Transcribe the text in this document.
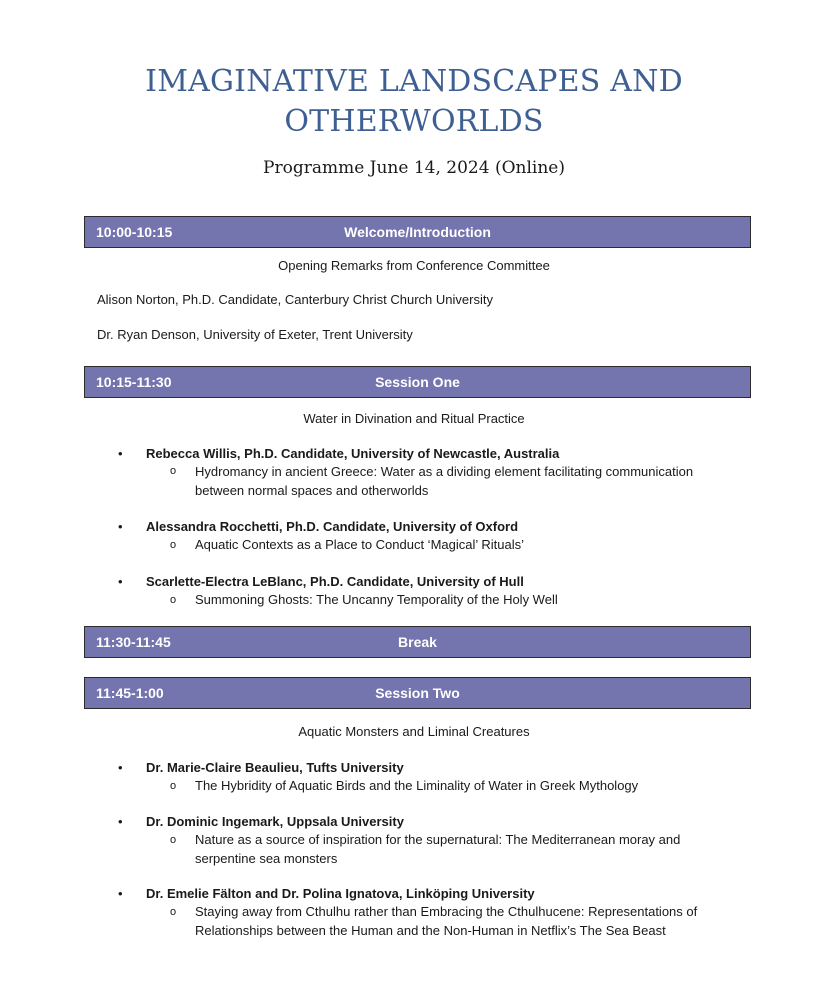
IMAGINATIVE LANDSCAPES AND
OTHERWORLDS
Programme June 14, 2024 (Online)
10:00-10:15	Welcome/Introduction
Opening Remarks from Conference Committee
Alison Norton, Ph.D. Candidate, Canterbury Christ Church University
Dr. Ryan Denson, University of Exeter, Trent University
10:15-11:30	Session One
Water in Divination and Ritual Practice
• Rebecca Willis, Ph.D. Candidate, University of Newcastle, Australia
o Hydromancy in ancient Greece: Water as a dividing element facilitating communication between normal spaces and otherworlds
• Alessandra Rocchetti, Ph.D. Candidate, University of Oxford
o Aquatic Contexts as a Place to Conduct ‘Magical’ Rituals’
• Scarlette-Electra LeBlanc, Ph.D. Candidate, University of Hull
o Summoning Ghosts: The Uncanny Temporality of the Holy Well
11:30-11:45	Break
11:45-1:00	Session Two
Aquatic Monsters and Liminal Creatures
• Dr. Marie-Claire Beaulieu, Tufts University
o The Hybridity of Aquatic Birds and the Liminality of Water in Greek Mythology
• Dr. Dominic Ingemark, Uppsala University
o Nature as a source of inspiration for the supernatural: The Mediterranean moray and serpentine sea monsters
• Dr. Emelie Fälton and Dr. Polina Ignatova, Linköping University
o Staying away from Cthulhu rather than Embracing the Cthulhucene: Representations of Relationships between the Human and the Non-Human in Netflix’s The Sea Beast
